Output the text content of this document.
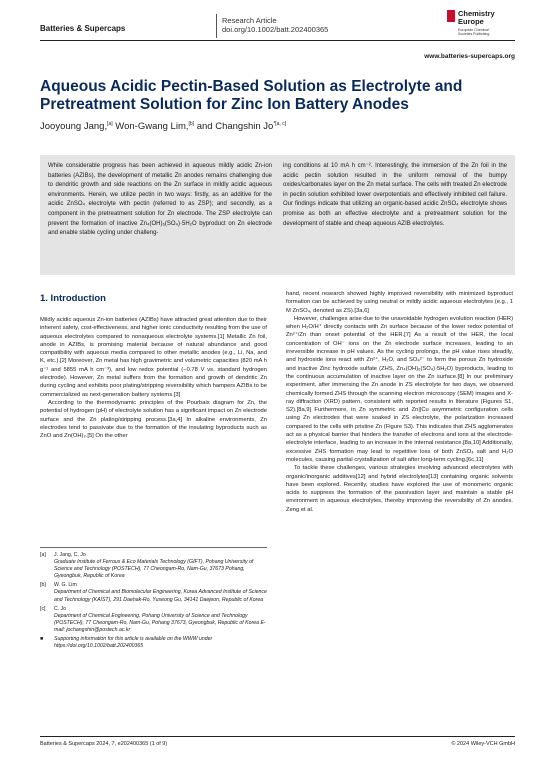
Batteries & Supercaps
Research Article
doi.org/10.1002/batt.202400365
Chemistry
Europe
European Chemical
Societies Publishing
www.batteries-supercaps.org
Aqueous Acidic Pectin-Based Solution as Electrolyte and Pretreatment Solution for Zinc Ion Battery Anodes
Jooyoung Jang,[a] Won-Gwang Lim,[b] and Changshin $Jo^{*[a, c]}$

While considerable progress has been achieved in aqueous mildly acidic Zn-ion batteries (AZIBs), the development of metallic Zn anodes remains challenging due to dendritic growth and side reactions on the Zn surface in mildly acidic aqueous environments. Herein, we utilize pectin in two ways: firstly, as an additive for the acidic ZnSO₄ electrolyte with pectin (referred to as ZSP); and secondly, as a component in the pretreatment solution for Zn electrode. The ZSP electrolyte can prevent the formation of inactive Zn₄(OH)₆(SO₄)·5H₂O byproduct on Zn electrode and enable stable cycling under challeng-

ing conditions at 10 mA h cm⁻². Interestingly, the immersion of the Zn foil in the acidic pectin solution resulted in the uniform removal of the bumpy oxides/carbonates layer on the Zn metal surface. The cells with treated Zn electrode in pectin solution exhibited lower overpotentials and effectively inhibited cell failure. Our findings indicate that utilizing an organic-based acidic ZnSO₄ electrolyte shows promise as both an effective electrolyte and a pretreatment solution for the development of stable and cheap aqueous AZIB electrolytes.

1. Introduction

Mildly acidic aqueous Zn-ion batteries (AZIBs) have attracted great attention due to their inherent safety, cost-effectiveness, and higher ionic conductivity resulting from the use of aqueous electrolytes compared to nonaqueous electrolyte systems.[1] Metallic Zn foil, anode in AZIBs, is promising material because of natural abundance and good compatibility with aqueous media compared to other metallic anodes (e.g., Li, Na, and K, etc.).[2] Moreover, Zn metal has high gravimetric and volumetric capacities (820 mA h g⁻¹ and 5855 mA h cm⁻³), and low redox potential (−0.78 V vs. standard hydrogen electrode). However, Zn metal suffers from the formation and growth of dendritic Zn during cycling and exhibits poor plating/stripping reversibility which hampers AZIBs to be commercialized as next-generation battery systems.[3]

According to the thermodynamic principles of the Pourbaix diagram for Zn, the potential of hydrogen (pH) of electrolyte solution has a significant impact on Zn electrode surface and the Zn plating/stripping process.[3a,4] In alkaline environments, Zn electrodes tend to passivate due to the formation of the insulating byproducts such as ZnO and Zn(OH)₂.[5] On the other

hand, recent research showed highly improved reversibility with minimized byproduct formation can be achieved by using neutral or mildly acidic aqueous electrolytes (e.g., 1 M ZnSO₄, denoted as ZS).[3a,6]

However, challenges arise due to the unavoidable hydrogen evolution reaction (HER) when H₂O/H⁺ directly contacts with Zn surface because of the lower redox potential of Zn²⁺/Zn than onset potential of the HER.[7] As a result of the HER, the local concentration of OH⁻ ions on the Zn electrode surface increases, leading to an irreversible increase in pH values. As the cycling prolongs, the pH value rises steadily, and hydroxide ions react with Zn²⁺, H₂O, and SO₄²⁻ to form the porous Zn hydroxide and inactive Zinc hydroxide sulfate (ZHS, Zn₄(OH)₆(SO₄)·5H₂O) byproducts, leading to the continuous accumulation of inactive layer on the Zn surface.[8] In our preliminary experiment, after immersing the Zn anode in ZS electrolyte for two days, we observed chemically formed ZHS through the scanning electron microscopy (SEM) images and X-ray diffraction (XRD) pattern, consistent with reported results in literature (Figures S1, S2).[8a,9] Furthermore, in Zn symmetric and Zn||Cu asymmetric configuration cells using Zn electrodes that were soaked in ZS electrolyte, the polarization increased compared to the cells with pristine Zn (Figure S3). This indicates that ZHS agglomerates act as a physical barrier that hinders the transfer of electrons and ions at the electrode-electrolyte interface, leading to an increase in the internal resistance.[8a,10] Additionally, excessive ZHS formation may lead to repetitive loss of both ZnSO₄ salt and H₂O molecules, causing partial crystallization of salt after long-term cycling.[6c,11]

To tackle these challenges, various strategies involving advanced electrolytes with organic/inorganic additives[12] and hybrid electrolytes[13] containing organic solvents have been explored. Recently, studies have explored the use of monomeric organic acids to suppress the formation of the passivation layer and maintain a stable pH environment in aqueous electrolytes, thereby improving the reversibility of Zn anodes. Zeng et al.

[a] J. Jang, C. Jo
Graduate Institute of Ferrous & Eco Materials Technology (GIFT), Pohang University of Science and Technology (POSTECH), 77 Cheongam-Ro, Nam-Gu, 37673 Pohang, Gyeongbuk, Republic of Korea
[b] W. G. Lim
Department of Chemical and Biomolecular Engineering, Korea Advanced Institute of Science and Technology (KAIST), 291 Daehak-Ro, Yuseong Gu, 34141 Daejeon, Republic of Korea
[c] C. Jo
Department of Chemical Engineering, Pohang University of Science and Technology (POSTECH), 77 Cheongam-Ro, Nam-Gu, Pohang 37673, Gyeongbuk, Republic of Korea E-mail: jochangshin@postech.ac.kr
■ Supporting information for this article is available on the WWW under https://doi.org/10.1002/batt.202400365
Batteries & Supercaps 2024, 7, e202400365 (1 of 9)	© 2024 Wiley-VCH GmbH
